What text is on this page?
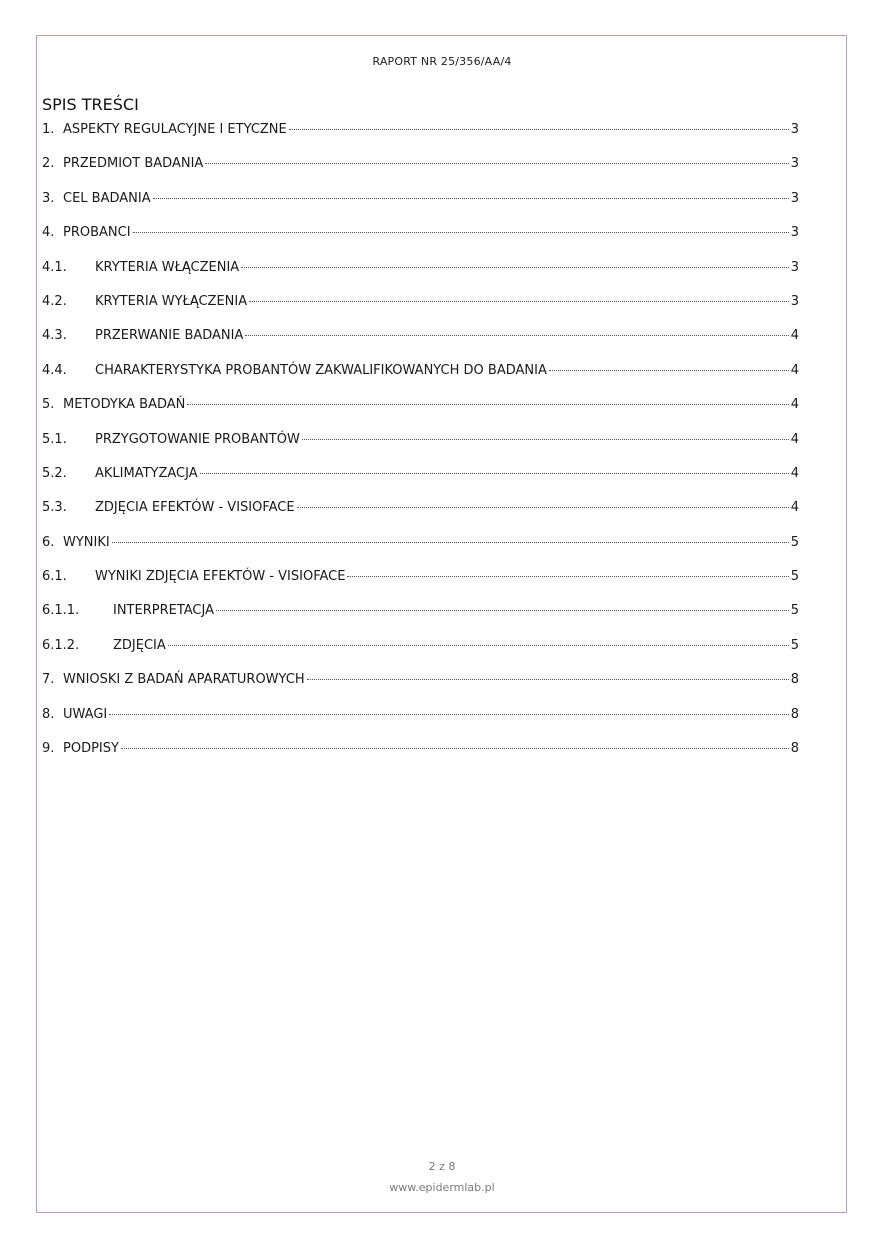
RAPORT NR 25/356/AA/4
SPIS TREŚCI
1. ASPEKTY REGULACYJNE I ETYCZNE	3
2. PRZEDMIOT BADANIA	3
3. CEL BADANIA	3
4. PROBANCI	3
4.1.	KRYTERIA WŁĄCZENIA	3
4.2.	KRYTERIA WYŁĄCZENIA	3
4.3.	PRZERWANIE BADANIA	4
4.4.	CHARAKTERYSTYKA PROBANTÓW ZAKWALIFIKOWANYCH DO BADANIA	4
5. METODYKA BADAŃ	4
5.1.	PRZYGOTOWANIE PROBANTÓW	4
5.2.	AKLIMATYZACJA	4
5.3.	ZDJĘCIA EFEKTÓW - VISIOFACE	4
6. WYNIKI	5
6.1.	WYNIKI ZDJĘCIA EFEKTÓW - VISIOFACE	5
6.1.1.	INTERPRETACJA	5
6.1.2.	ZDJĘCIA	5
7. WNIOSKI Z BADAŃ APARATUROWYCH	8
8. UWAGI	8
9. PODPISY	8
2 z 8
www.epidermlab.pl
